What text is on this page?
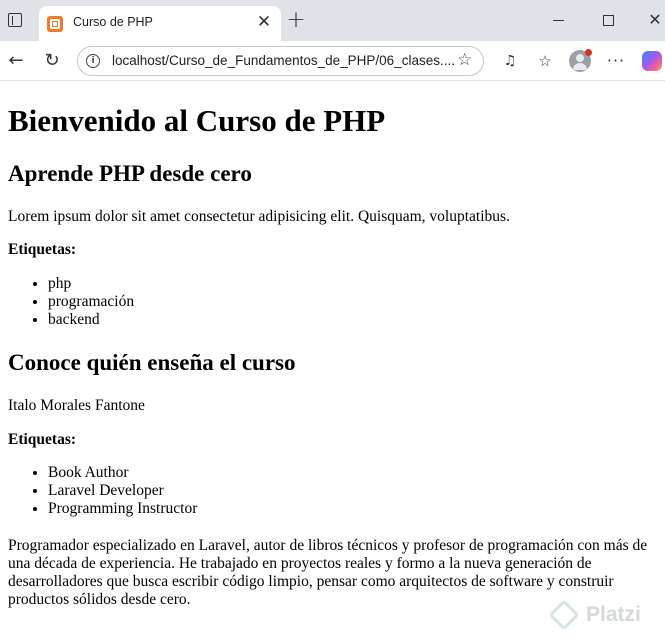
Curso de PHP	✕ +	✕
← ↻	i	localhost/Curso_de_Fundamentos_de_PHP/06_clases.... ☆	♫	☆	···
Bienvenido al Curso de PHP
Aprende PHP desde cero

Lorem ipsum dolor sit amet consectetur adipisicing elit. Quisquam, voluptatibus.

Etiquetas:

• php
• programación
• backend
Conoce quién enseña el curso

Italo Morales Fantone

Etiquetas:

• Book Author
• Laravel Developer
• Programming Instructor

Programador especializado en Laravel, autor de libros técnicos y profesor de programación con más de una década de experiencia. He trabajado en proyectos reales y formo a la nueva generación de desarrolladores que busca escribir código limpio, pensar como arquitectos de software y construir productos sólidos desde cero.

Platzi
